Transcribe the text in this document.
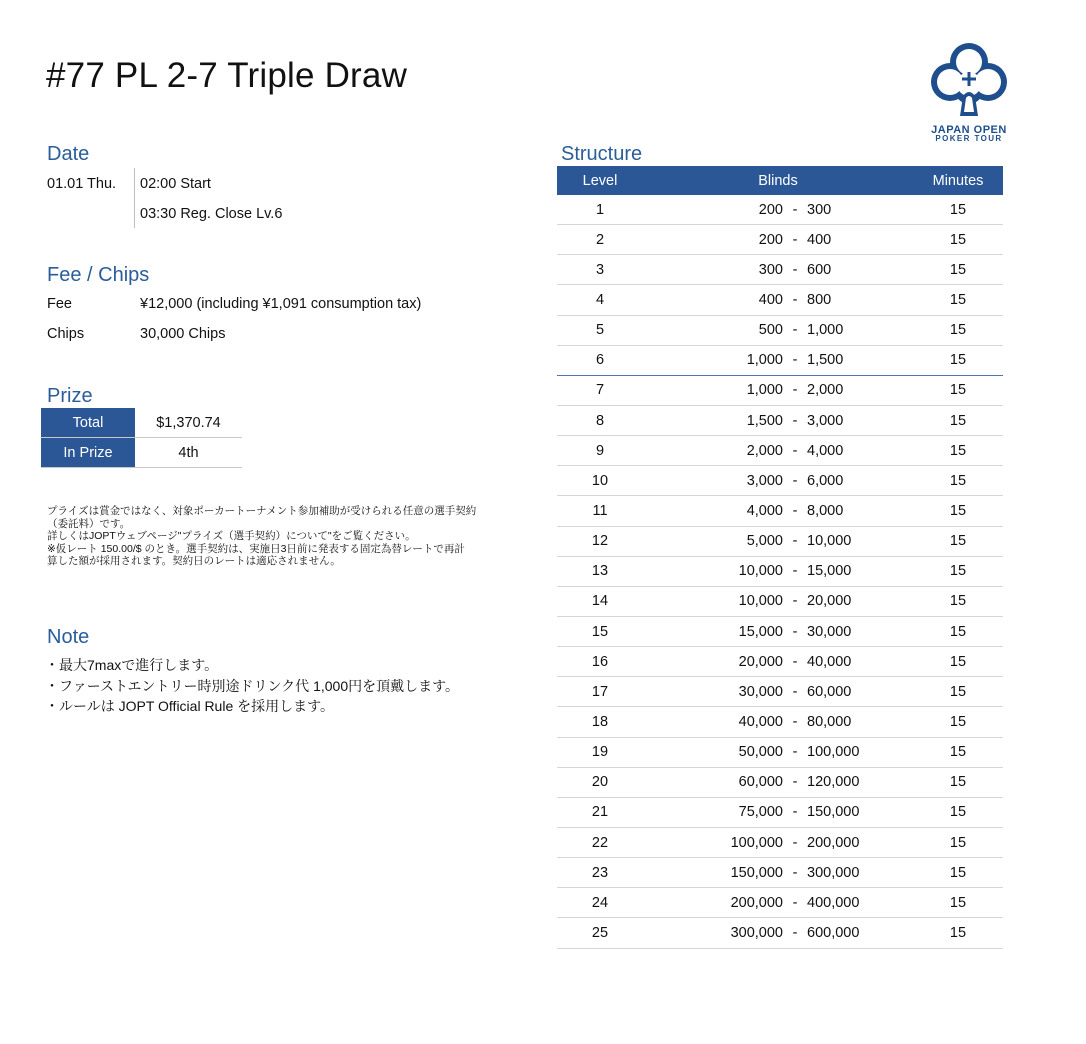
#77 PL 2-7 Triple Draw
JAPAN OPEN
POKER TOUR
Date
01.01 Thu. 02:00 Start
03:30 Reg. Close Lv.6
Fee / Chips
Fee	¥12,000 (including ¥1,091 consumption tax)
Chips	30,000 Chips
Prize
Total	$1,370.74
In Prize	4th
プライズは賞金ではなく、対象ポーカートーナメント参加補助が受けられる任意の選手契約
（委託料）です。
詳しくはJOPTウェブページ"プライズ（選手契約）について"をご覧ください。
※仮レート 150.00/$ のとき。選手契約は、実施日3日前に発表する固定為替レートで再計
算した額が採用されます。契約日のレートは適応されません。
Note
・最大7maxで進行します。
・ファーストエントリー時別途ドリンク代 1,000円を頂戴します。
・ルールは JOPT Official Rule を採用します。
Structure
Level	Blinds	Minutes
1	200 - 300	15
2	200 - 400	15
3	300 - 600	15
4	400 - 800	15
5	500 - 1,000	15
6	1,000 - 1,500	15
7	1,000 - 2,000	15
8	1,500 - 3,000	15
9	2,000 - 4,000	15
10	3,000 - 6,000	15
11	4,000 - 8,000	15
12	5,000 - 10,000	15
13	10,000 - 15,000	15
14	10,000 - 20,000	15
15	15,000 - 30,000	15
16	20,000 - 40,000	15
17	30,000 - 60,000	15
18	40,000 - 80,000	15
19	50,000 - 100,000	15
20	60,000 - 120,000	15
21	75,000 - 150,000	15
22	100,000 - 200,000	15
23	150,000 - 300,000	15
24	200,000 - 400,000	15
25	300,000 - 600,000	15
